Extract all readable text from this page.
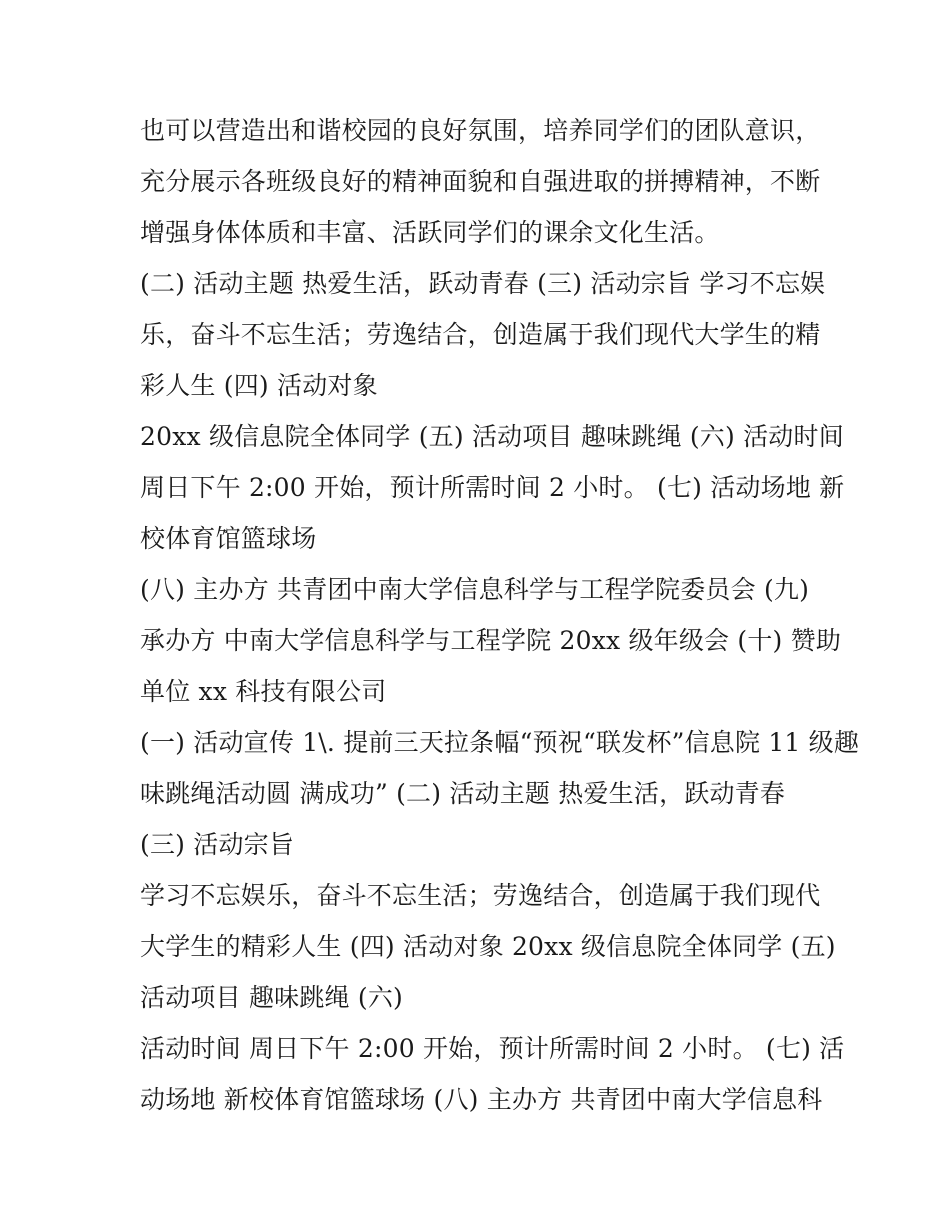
也可以营造出和谐校园的良好氛围，培养同学们的团队意识，
充分展示各班级良好的精神面貌和自强进取的拼搏精神，不断
增强身体体质和丰富、活跃同学们的课余文化生活。
(二) 活动主题 热爱生活，跃动青春 (三) 活动宗旨 学习不忘娱
乐，奋斗不忘生活；劳逸结合，创造属于我们现代大学生的精
彩人生 (四) 活动对象
20xx 级信息院全体同学 (五) 活动项目 趣味跳绳 (六) 活动时间
周日下午 2:00 开始，预计所需时间 2 小时。 (七) 活动场地 新
校体育馆篮球场
(八) 主办方 共青团中南大学信息科学与工程学院委员会 (九)
承办方 中南大学信息科学与工程学院 20xx 级年级会 (十) 赞助
单位 xx 科技有限公司
(一) 活动宣传 1\. 提前三天拉条幅“预祝“联发杯”信息院 11 级趣
味跳绳活动圆 满成功” (二) 活动主题 热爱生活，跃动青春
(三) 活动宗旨
学习不忘娱乐，奋斗不忘生活；劳逸结合，创造属于我们现代
大学生的精彩人生 (四) 活动对象 20xx 级信息院全体同学 (五)
活动项目 趣味跳绳 (六)
活动时间 周日下午 2:00 开始，预计所需时间 2 小时。 (七) 活
动场地 新校体育馆篮球场 (八) 主办方 共青团中南大学信息科
